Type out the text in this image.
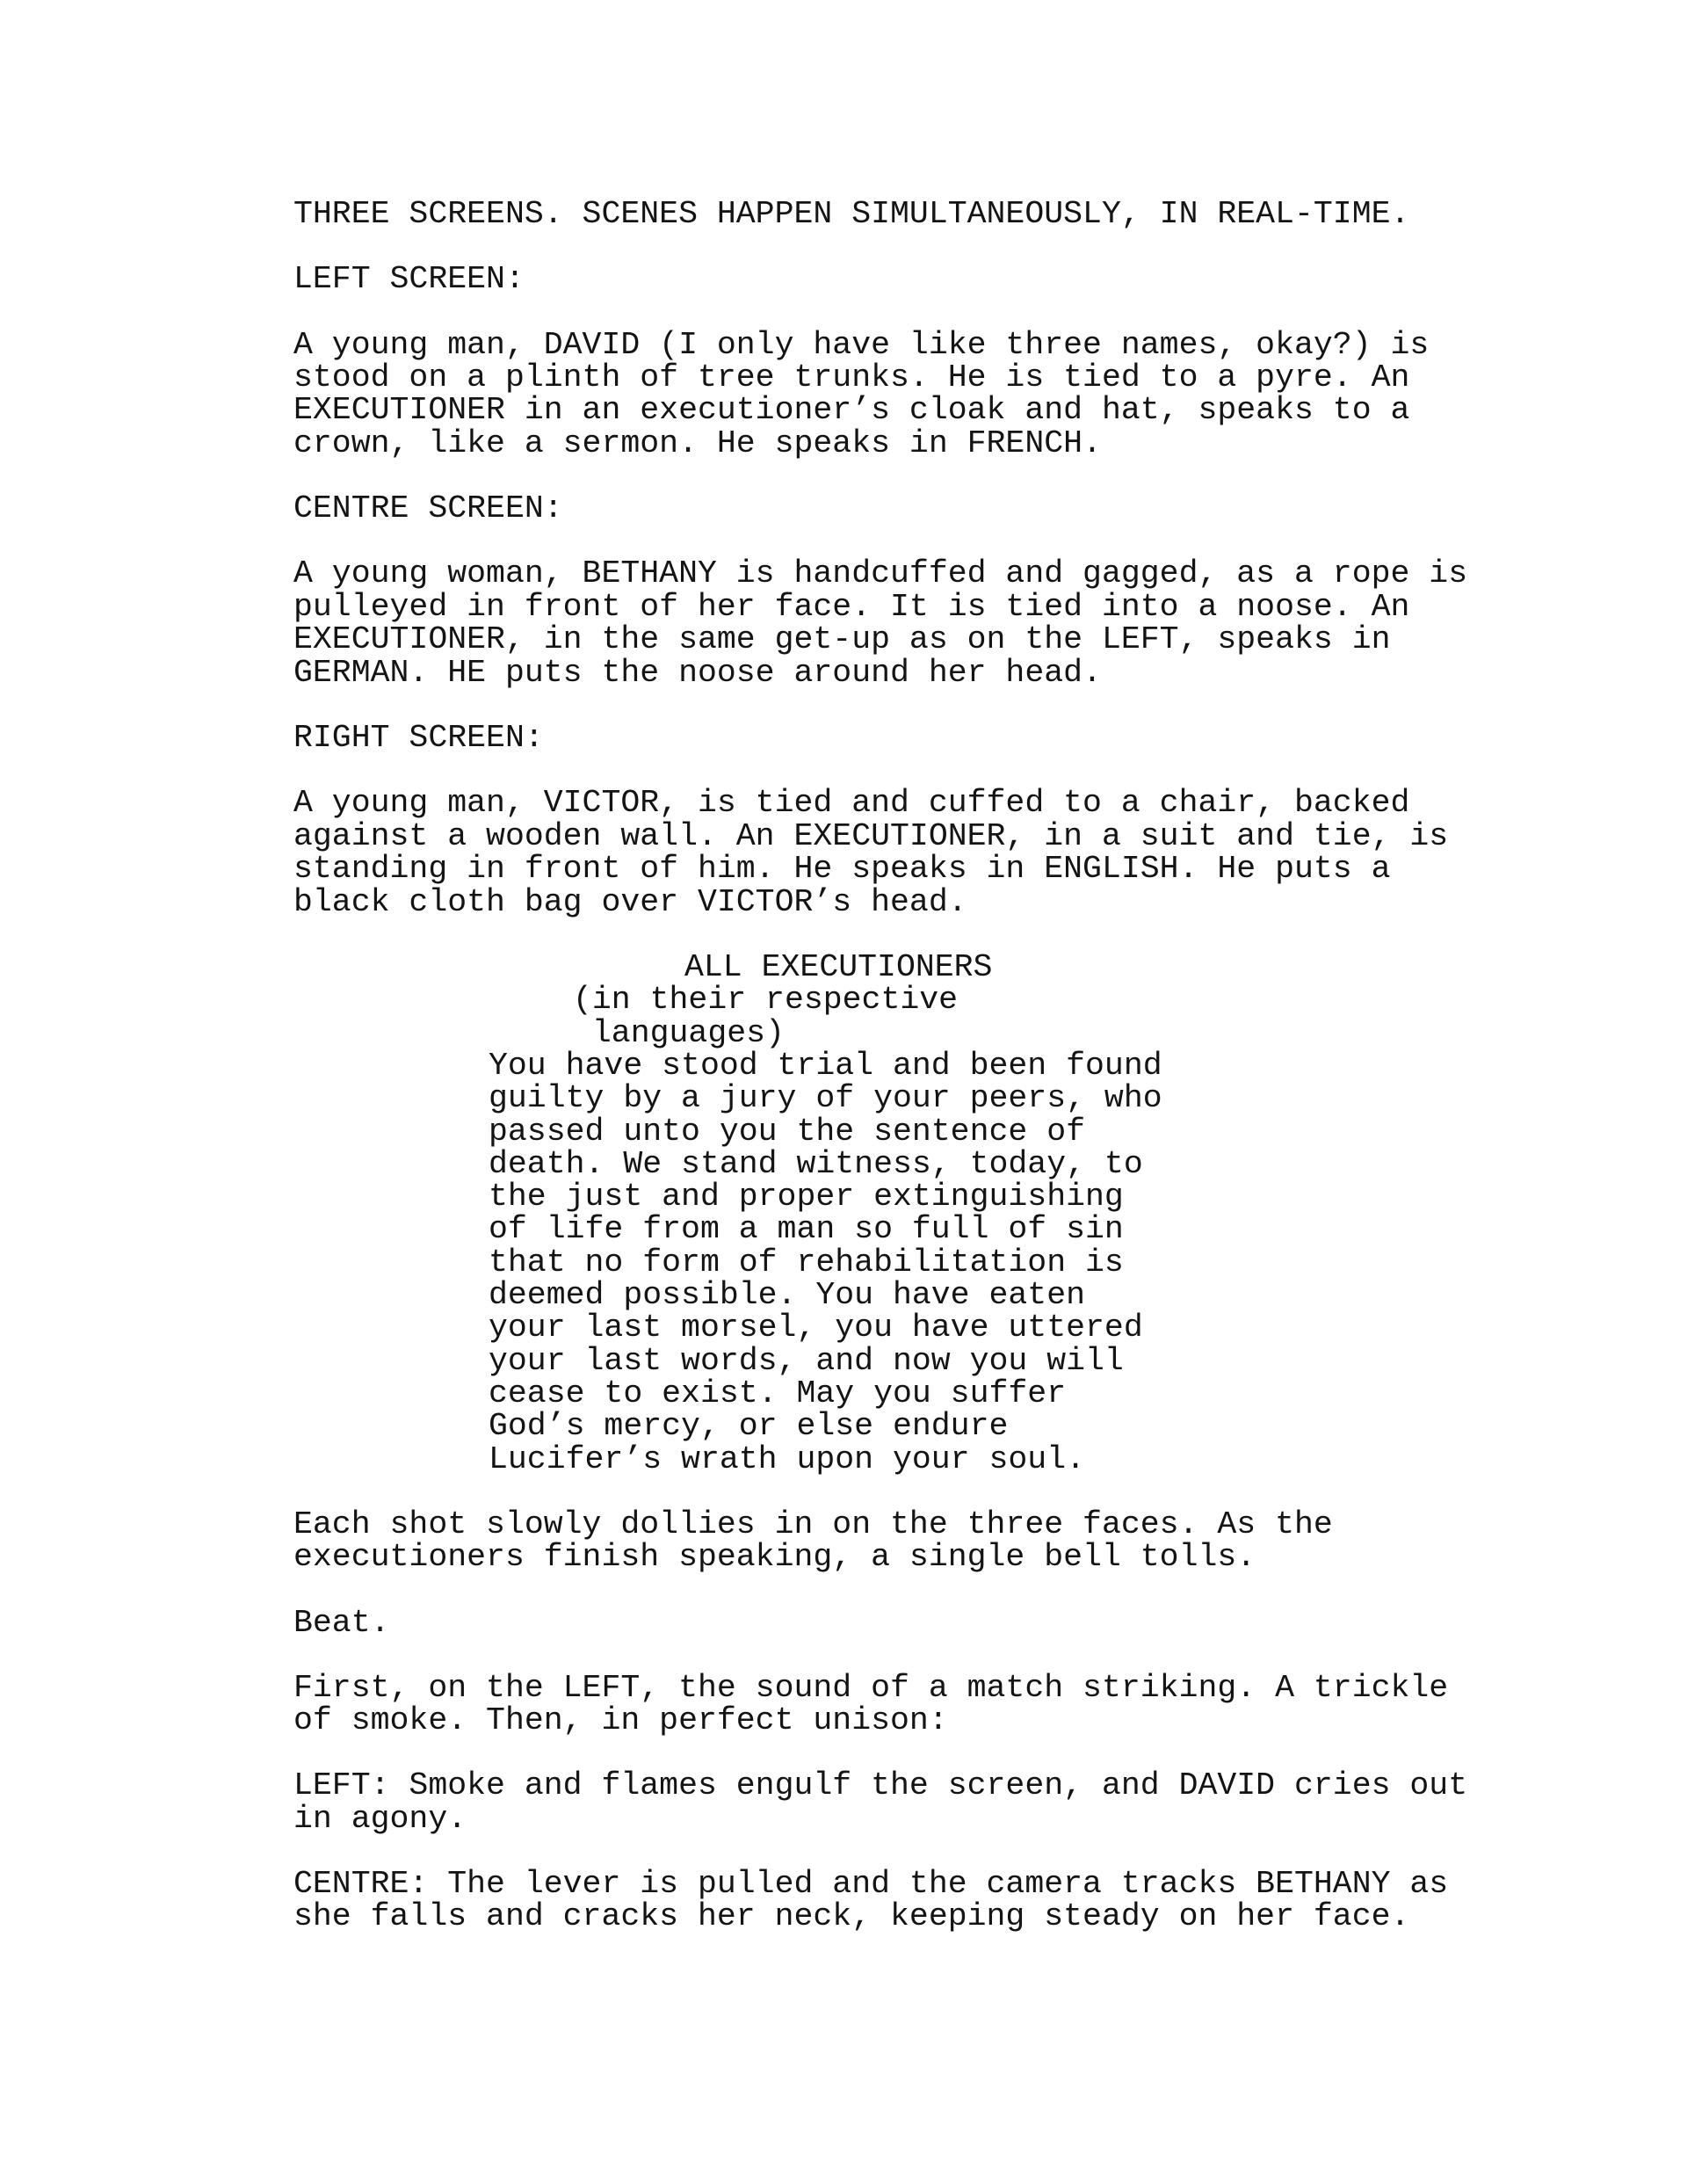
THREE SCREENS. SCENES HAPPEN SIMULTANEOUSLY, IN REAL-TIME.
LEFT SCREEN:
A young man, DAVID (I only have like three names, okay?) is
stood on a plinth of tree trunks. He is tied to a pyre. An
EXECUTIONER in an executioner’s cloak and hat, speaks to a
crown, like a sermon. He speaks in FRENCH.
CENTRE SCREEN:
A young woman, BETHANY is handcuffed and gagged, as a rope is
pulleyed in front of her face. It is tied into a noose. An
EXECUTIONER, in the same get-up as on the LEFT, speaks in
GERMAN. HE puts the noose around her head.
RIGHT SCREEN:
A young man, VICTOR, is tied and cuffed to a chair, backed
against a wooden wall. An EXECUTIONER, in a suit and tie, is
standing in front of him. He speaks in ENGLISH. He puts a
black cloth bag over VICTOR’s head.
ALL EXECUTIONERS
(in their respective
languages)
You have stood trial and been found
guilty by a jury of your peers, who
passed unto you the sentence of
death. We stand witness, today, to
the just and proper extinguishing
of life from a man so full of sin
that no form of rehabilitation is
deemed possible. You have eaten
your last morsel, you have uttered
your last words, and now you will
cease to exist. May you suffer
God’s mercy, or else endure
Lucifer’s wrath upon your soul.
Each shot slowly dollies in on the three faces. As the
executioners finish speaking, a single bell tolls.
Beat.
First, on the LEFT, the sound of a match striking. A trickle
of smoke. Then, in perfect unison:
LEFT: Smoke and flames engulf the screen, and DAVID cries out
in agony.
CENTRE: The lever is pulled and the camera tracks BETHANY as
she falls and cracks her neck, keeping steady on her face.
